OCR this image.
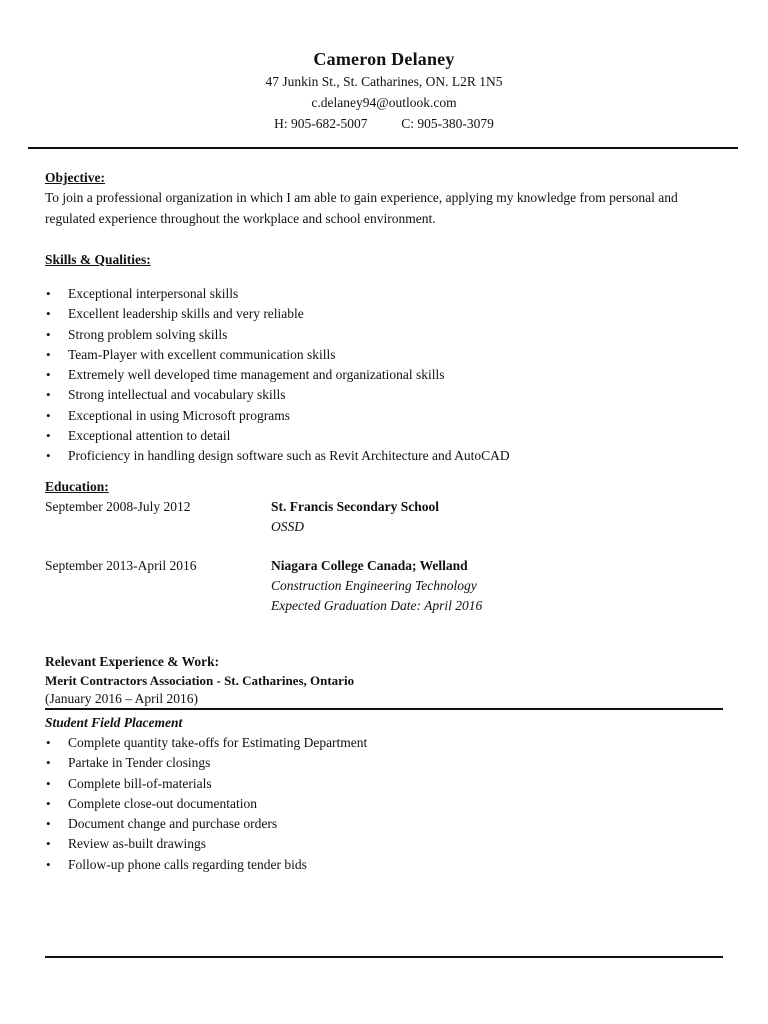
Cameron Delaney
47 Junkin St., St. Catharines, ON. L2R 1N5
c.delaney94@outlook.com
H: 905-682-5007          C: 905-380-3079
Objective:
To join a professional organization in which I am able to gain experience, applying my knowledge from personal and regulated experience throughout the workplace and school environment.
Skills & Qualities:
• Exceptional interpersonal skills
• Excellent leadership skills and very reliable
• Strong problem solving skills
• Team-Player with excellent communication skills
• Extremely well developed time management and organizational skills
• Strong intellectual and vocabulary skills
• Exceptional in using Microsoft programs
• Exceptional attention to detail
• Proficiency in handling design software such as Revit Architecture and AutoCAD
Education:
September 2008-July 2012	St. Francis Secondary School
OSSD
September 2013-April 2016	Niagara College Canada; Welland
Construction Engineering Technology
Expected Graduation Date: April 2016
Relevant Experience & Work:
Merit Contractors Association - St. Catharines, Ontario
(January 2016 – April 2016)
Student Field Placement
• Complete quantity take-offs for Estimating Department
• Partake in Tender closings
• Complete bill-of-materials
• Complete close-out documentation
• Document change and purchase orders
• Review as-built drawings
• Follow-up phone calls regarding tender bids
